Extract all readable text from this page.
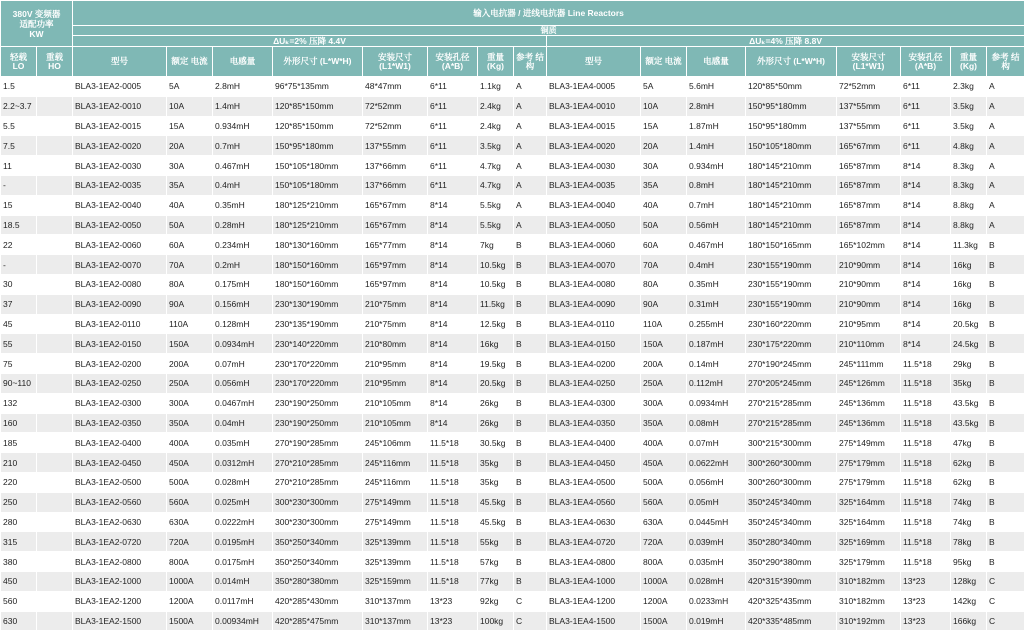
380V 变频器
适配功率
KW		输入电抗器 / 进线电抗器 Line Reactors															
		铜质															
		ΔUₖ=2% 压降 4.4V								ΔUₖ=4% 压降 8.8V							
轻载 LO	重载 HO	型号	额定 电流	电感量	外形尺寸 (L*W*H)	安装尺寸 (L1*W1)	安装孔径 (A*B)	重量 (Kg)	参考 结构	型号	额定 电流	电感量	外形尺寸 (L*W*H)	安装尺寸 (L1*W1)	安装孔径 (A*B)	重量 (Kg)	参考 结构
1.5		BLA3-1EA2-0005	5A	2.8mH	96*75*135mm	48*47mm	6*11	1.1kg	A	BLA3-1EA4-0005	5A	5.6mH	120*85*50mm	72*52mm	6*11	2.3kg	A
2.2~3.7		BLA3-1EA2-0010	10A	1.4mH	120*85*150mm	72*52mm	6*11	2.4kg	A	BLA3-1EA4-0010	10A	2.8mH	150*95*180mm	137*55mm	6*11	3.5kg	A
5.5		BLA3-1EA2-0015	15A	0.934mH	120*85*150mm	72*52mm	6*11	2.4kg	A	BLA3-1EA4-0015	15A	1.87mH	150*95*180mm	137*55mm	6*11	3.5kg	A
7.5		BLA3-1EA2-0020	20A	0.7mH	150*95*180mm	137*55mm	6*11	3.5kg	A	BLA3-1EA4-0020	20A	1.4mH	150*105*180mm	165*67mm	6*11	4.8kg	A
11		BLA3-1EA2-0030	30A	0.467mH	150*105*180mm	137*66mm	6*11	4.7kg	A	BLA3-1EA4-0030	30A	0.934mH	180*145*210mm	165*87mm	8*14	8.3kg	A
-		BLA3-1EA2-0035	35A	0.4mH	150*105*180mm	137*66mm	6*11	4.7kg	A	BLA3-1EA4-0035	35A	0.8mH	180*145*210mm	165*87mm	8*14	8.3kg	A
15		BLA3-1EA2-0040	40A	0.35mH	180*125*210mm	165*67mm	8*14	5.5kg	A	BLA3-1EA4-0040	40A	0.7mH	180*145*210mm	165*87mm	8*14	8.8kg	A
18.5		BLA3-1EA2-0050	50A	0.28mH	180*125*210mm	165*67mm	8*14	5.5kg	A	BLA3-1EA4-0050	50A	0.56mH	180*145*210mm	165*87mm	8*14	8.8kg	A
22		BLA3-1EA2-0060	60A	0.234mH	180*130*160mm	165*77mm	8*14	7kg	B	BLA3-1EA4-0060	60A	0.467mH	180*150*165mm	165*102mm	8*14	11.3kg	B
-		BLA3-1EA2-0070	70A	0.2mH	180*150*160mm	165*97mm	8*14	10.5kg	B	BLA3-1EA4-0070	70A	0.4mH	230*155*190mm	210*90mm	8*14	16kg	B
30		BLA3-1EA2-0080	80A	0.175mH	180*150*160mm	165*97mm	8*14	10.5kg	B	BLA3-1EA4-0080	80A	0.35mH	230*155*190mm	210*90mm	8*14	16kg	B
37		BLA3-1EA2-0090	90A	0.156mH	230*130*190mm	210*75mm	8*14	11.5kg	B	BLA3-1EA4-0090	90A	0.31mH	230*155*190mm	210*90mm	8*14	16kg	B
45		BLA3-1EA2-0110	110A	0.128mH	230*135*190mm	210*75mm	8*14	12.5kg	B	BLA3-1EA4-0110	110A	0.255mH	230*160*220mm	210*95mm	8*14	20.5kg	B
55		BLA3-1EA2-0150	150A	0.0934mH	230*140*220mm	210*80mm	8*14	16kg	B	BLA3-1EA4-0150	150A	0.187mH	230*175*220mm	210*110mm	8*14	24.5kg	B
75		BLA3-1EA2-0200	200A	0.07mH	230*170*220mm	210*95mm	8*14	19.5kg	B	BLA3-1EA4-0200	200A	0.14mH	270*190*245mm	245*111mm	11.5*18	29kg	B
90~110		BLA3-1EA2-0250	250A	0.056mH	230*170*220mm	210*95mm	8*14	20.5kg	B	BLA3-1EA4-0250	250A	0.112mH	270*205*245mm	245*126mm	11.5*18	35kg	B
132		BLA3-1EA2-0300	300A	0.0467mH	230*190*250mm	210*105mm	8*14	26kg	B	BLA3-1EA4-0300	300A	0.0934mH	270*215*285mm	245*136mm	11.5*18	43.5kg	B
160		BLA3-1EA2-0350	350A	0.04mH	230*190*250mm	210*105mm	8*14	26kg	B	BLA3-1EA4-0350	350A	0.08mH	270*215*285mm	245*136mm	11.5*18	43.5kg	B
185		BLA3-1EA2-0400	400A	0.035mH	270*190*285mm	245*106mm	11.5*18	30.5kg	B	BLA3-1EA4-0400	400A	0.07mH	300*215*300mm	275*149mm	11.5*18	47kg	B
210		BLA3-1EA2-0450	450A	0.0312mH	270*210*285mm	245*116mm	11.5*18	35kg	B	BLA3-1EA4-0450	450A	0.0622mH	300*260*300mm	275*179mm	11.5*18	62kg	B
220		BLA3-1EA2-0500	500A	0.028mH	270*210*285mm	245*116mm	11.5*18	35kg	B	BLA3-1EA4-0500	500A	0.056mH	300*260*300mm	275*179mm	11.5*18	62kg	B
250		BLA3-1EA2-0560	560A	0.025mH	300*230*300mm	275*149mm	11.5*18	45.5kg	B	BLA3-1EA4-0560	560A	0.05mH	350*245*340mm	325*164mm	11.5*18	74kg	B
280		BLA3-1EA2-0630	630A	0.0222mH	300*230*300mm	275*149mm	11.5*18	45.5kg	B	BLA3-1EA4-0630	630A	0.0445mH	350*245*340mm	325*164mm	11.5*18	74kg	B
315		BLA3-1EA2-0720	720A	0.0195mH	350*250*340mm	325*139mm	11.5*18	55kg	B	BLA3-1EA4-0720	720A	0.039mH	350*280*340mm	325*169mm	11.5*18	78kg	B
380		BLA3-1EA2-0800	800A	0.0175mH	350*250*340mm	325*139mm	11.5*18	57kg	B	BLA3-1EA4-0800	800A	0.035mH	350*290*380mm	325*179mm	11.5*18	95kg	B
450		BLA3-1EA2-1000	1000A	0.014mH	350*280*380mm	325*159mm	11.5*18	77kg	B	BLA3-1EA4-1000	1000A	0.028mH	420*315*390mm	310*182mm	13*23	128kg	C
560		BLA3-1EA2-1200	1200A	0.0117mH	420*285*430mm	310*137mm	13*23	92kg	C	BLA3-1EA4-1200	1200A	0.0233mH	420*325*435mm	310*182mm	13*23	142kg	C
630		BLA3-1EA2-1500	1500A	0.00934mH	420*285*475mm	310*137mm	13*23	100kg	C	BLA3-1EA4-1500	1500A	0.019mH	420*335*485mm	310*192mm	13*23	166kg	C
